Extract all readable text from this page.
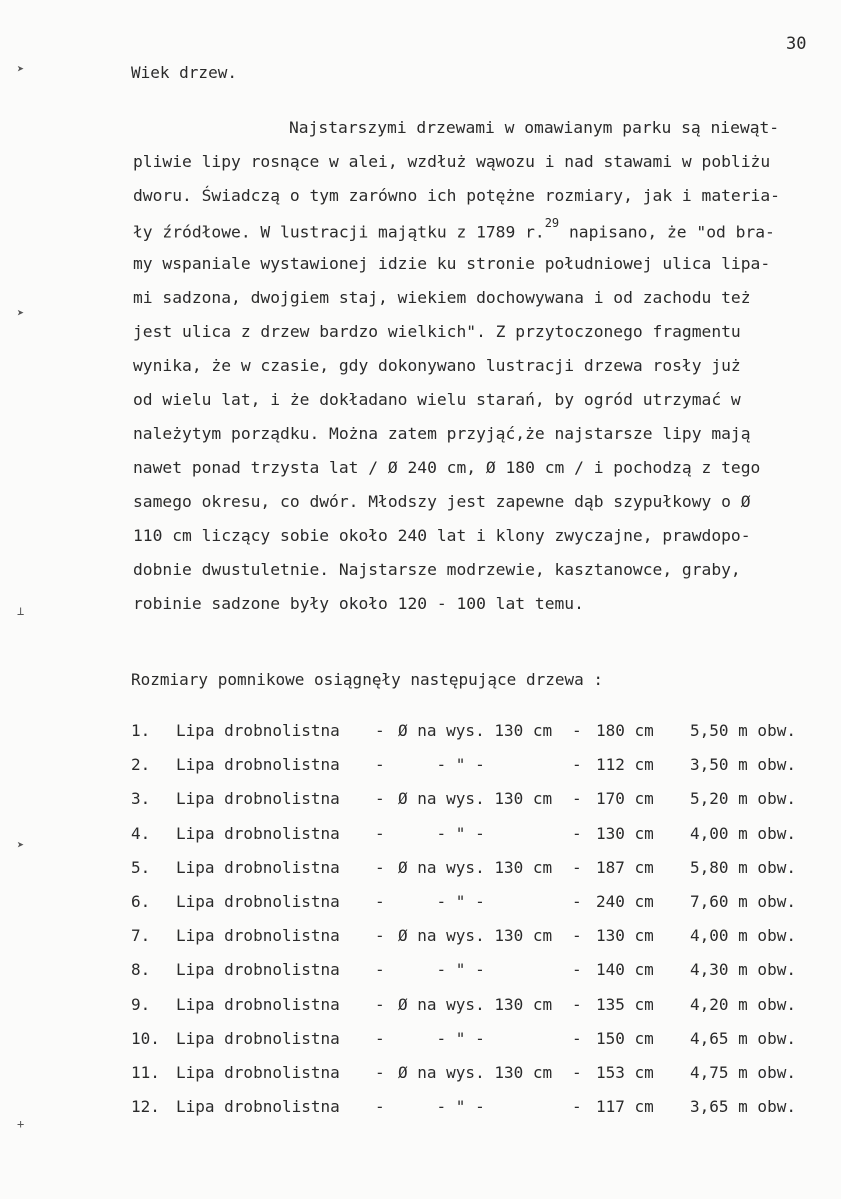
30
Wiek drzew.
➤
➤
⊥
➤
+
Najstarszymi drzewami w omawianym parku są niewąt-
pliwie lipy rosnące w alei, wzdłuż wąwozu i nad stawami w pobliżu
dworu. Świadczą o tym zarówno ich potężne rozmiary, jak i materia-
ły źródłowe. W lustracji majątku z 1789 r.$^{29}$ napisano, że "od bra-
my wspaniale wystawionej idzie ku stronie południowej ulica lipa-
mi sadzona, dwojgiem staj, wiekiem dochowywana i od zachodu też
jest ulica z drzew bardzo wielkich". Z przytoczonego fragmentu
wynika, że w czasie, gdy dokonywano lustracji drzewa rosły już
od wielu lat, i że dokładano wielu starań, by ogród utrzymać w
należytym porządku. Można zatem przyjąć,że najstarsze lipy mają
nawet ponad trzysta lat / Ø 240 cm, Ø 180 cm / i pochodzą z tego
samego okresu, co dwór. Młodszy jest zapewne dąb szypułkowy o Ø
110 cm liczący sobie około 240 lat i klony zwyczajne, prawdopo-
dobnie dwustuletnie. Najstarsze modrzewie, kasztanowce, graby,
robinie sadzone były około 120 - 100 lat temu.
Rozmiary pomnikowe osiągnęły następujące drzewa :
1. Lipa drobnolistna - Ø na wys. 130 cm - 180 cm 5,50 m obw.
2. Lipa drobnolistna - - " -	- 112 cm 3,50 m obw.
3. Lipa drobnolistna - Ø na wys. 130 cm - 170 cm 5,20 m obw.
4. Lipa drobnolistna - - " -	- 130 cm 4,00 m obw.
5. Lipa drobnolistna - Ø na wys. 130 cm - 187 cm 5,80 m obw.
6. Lipa drobnolistna - - " -	- 240 cm 7,60 m obw.
7. Lipa drobnolistna - Ø na wys. 130 cm - 130 cm 4,00 m obw.
8. Lipa drobnolistna - - " -	- 140 cm 4,30 m obw.
9. Lipa drobnolistna - Ø na wys. 130 cm - 135 cm 4,20 m obw.
10. Lipa drobnolistna - - " -	- 150 cm 4,65 m obw.
11. Lipa drobnolistna - Ø na wys. 130 cm - 153 cm 4,75 m obw.
12. Lipa drobnolistna - - " -	- 117 cm 3,65 m obw.
